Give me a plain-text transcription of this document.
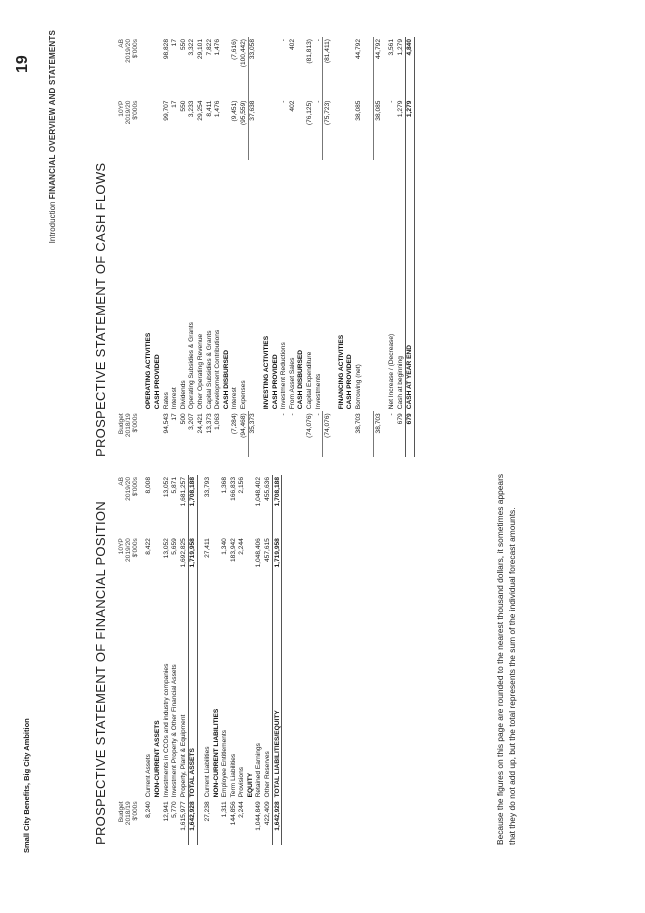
Introduction FINANCIAL OVERVIEW AND STATEMENTS
19
Small City Benefits, Big City Ambition	PROSPECTIVE STATEMENT OF FINANCIAL POSITION Budget		10YP	AB
2018/19		2019/20	2019/20
$'000s		$'000s	$'000s

8,240	Current Assets	8,422	8,008
	NON-CURRENT ASSETS		
12,941	Investments in CCOs and industry companies	13,052	13,052
5,770	Investment Property & Other Financial Assets	5,659	5,871
1,615,977	Property, Plant & Equipment	1,692,825	1,681,257
1,642,928	TOTAL ASSETS	1,719,958	1,708,188

27,238	Current Liabilities	27,411	33,793
	NON-CURRENT LIABILITIES		
1,311	Employee Entitlements	1,340	1,368
144,856	Term Liabilities	183,942	166,833
2,244	Provisions	2,244	2,156
	EQUITY		
1,044,849	Retained Earnings	1,048,406	1,048,402
422,409	Other Reserves	457,615	455,636
1,642,928	TOTAL LIABILITIES/EQUITY	1,719,958	1,708,188
PROSPECTIVE STATEMENT OF CASH FLOWS Budget		10YP	AB
2018/19		2019/20	2019/20
$'000s		$'000s	$'000s

	OPERATING ACTIVITIES		
	CASH PROVIDED		
94,543	Rates	99,707	98,828
17	Interest	17	17
500	Dividends	550	550
3,207	Operating Subsidies & Grants	3,233	3,322
24,421	Other Operating Revenue	29,254	29,101
13,373	Capital Subsidies & Grants	8,411	7,822
1,063	Development Contributions	1,476	1,476
	CASH DISBURSED		
(7,284)	Interest	(9,451)	(7,616)
(94,468)	Expenses	(95,559)	(100,442)
35,373		37,638	33,058

	INVESTING ACTIVITIES		
	CASH PROVIDED		
-	Investment Reductions	-	-
-	From Asset Sales	402	402
	CASH DISBURSED		
(74,076)	Capital Expenditure	(76,125)	(81,813)
-	Investments	-	-
(74,076)		(75,723)	(81,411)

	FINANCING ACTIVITIES		
	CASH PROVIDED		
38,703	Borrowing (net)	38,085	44,792

38,703		38,085	44,792

-	Net Increase / (Decrease)	-	3,561
679	Cash at beginning	1,279	1,279
679	CASH AT YEAR END	1,279	4,840
Because the figures on this page are rounded to the nearest thousand dollars, it sometimes appears that they do not add up, but the total represents the sum of the individual forecast amounts.
